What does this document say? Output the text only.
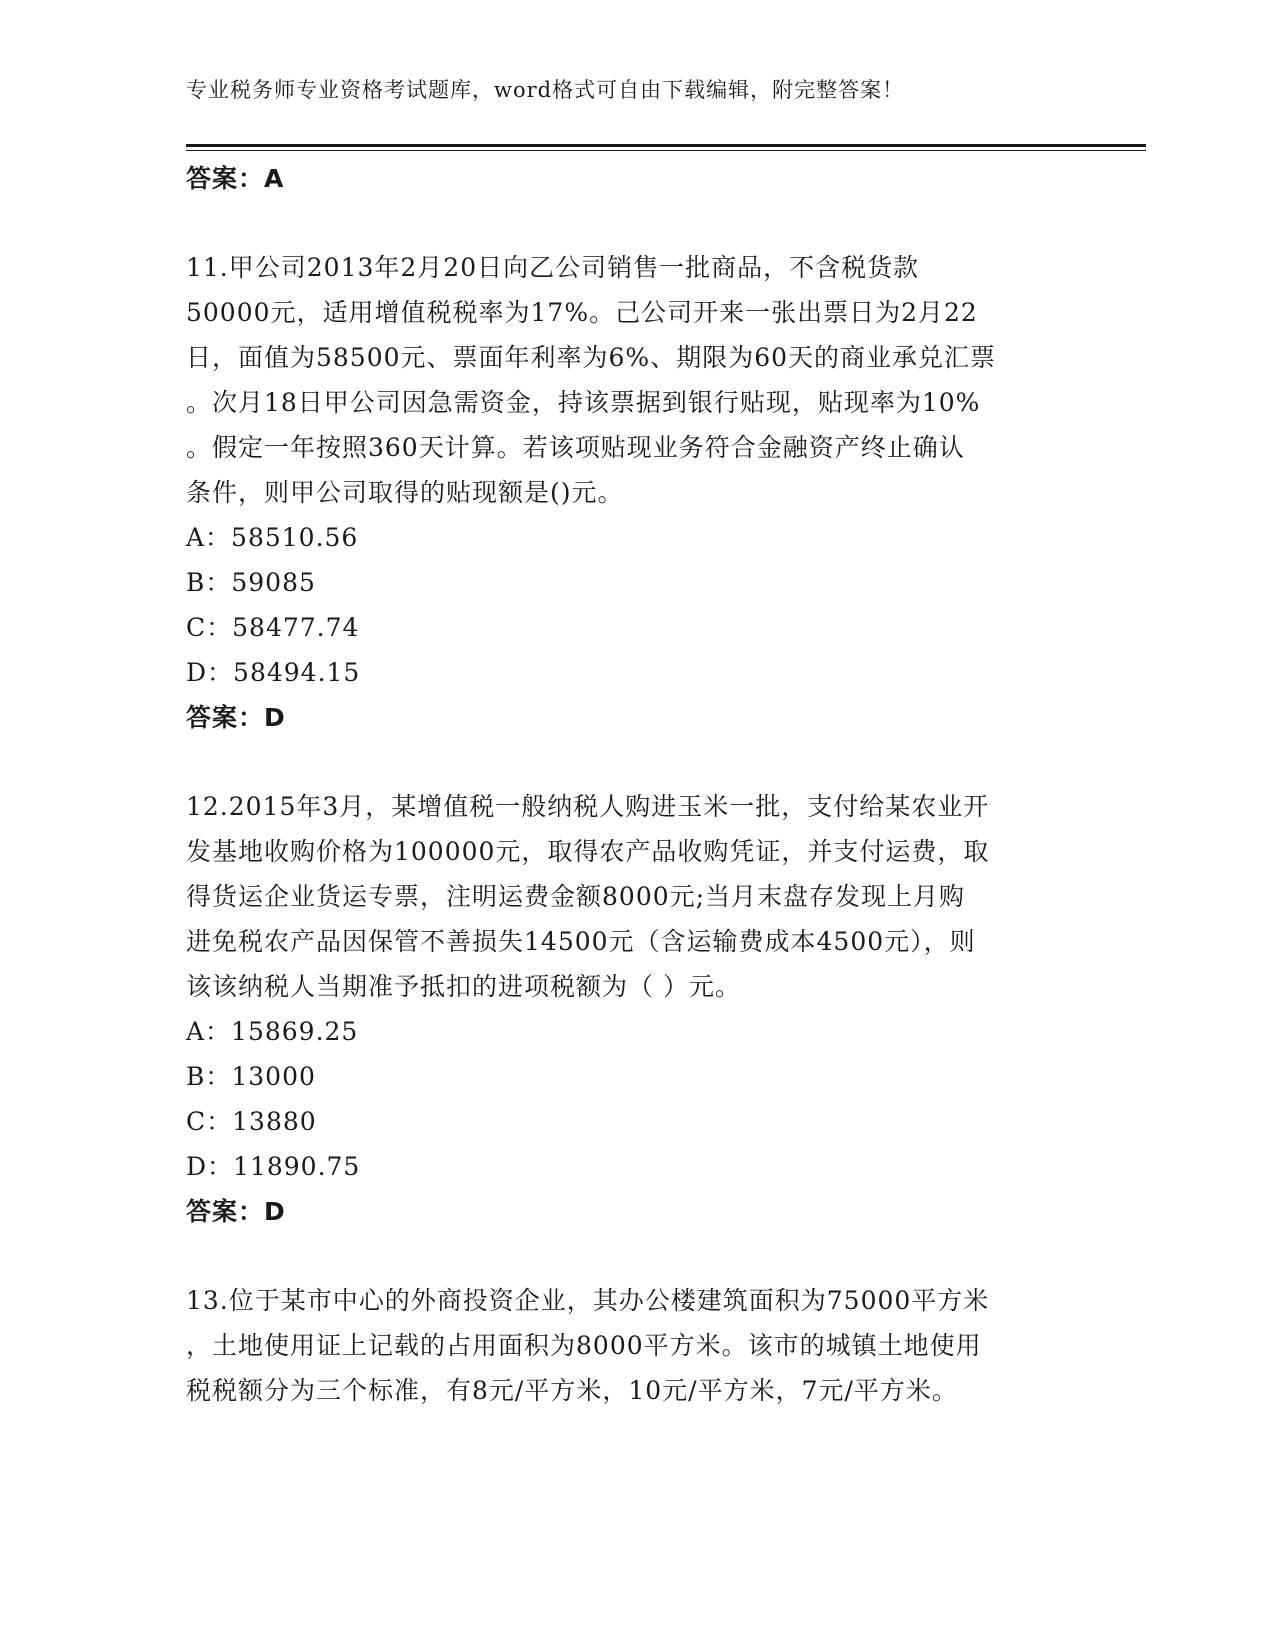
专业税务师专业资格考试题库，word格式可自由下载编辑，附完整答案！
答案：A
11.甲公司2013年2月20日向乙公司销售一批商品，不含税货款
50000元，适用增值税税率为17%。己公司开来一张出票日为2月22
日，面值为58500元、票面年利率为6%、期限为60天的商业承兑汇票
。次月18日甲公司因急需资金，持该票据到银行贴现，贴现率为10%
。假定一年按照360天计算。若该项贴现业务符合金融资产终止确认
条件，则甲公司取得的贴现额是()元。
A：58510.56
B：59085
C：58477.74
D：58494.15
答案：D
12.2015年3月，某增值税一般纳税人购进玉米一批，支付给某农业开
发基地收购价格为100000元，取得农产品收购凭证，并支付运费，取
得货运企业货运专票，注明运费金额8000元;当月末盘存发现上月购
进免税农产品因保管不善损失14500元（含运输费成本4500元），则
该该纳税人当期准予抵扣的进项税额为（ ）元。
A：15869.25
B：13000
C：13880
D：11890.75
答案：D
13.位于某市中心的外商投资企业，其办公楼建筑面积为75000平方米
，土地使用证上记载的占用面积为8000平方米。该市的城镇土地使用
税税额分为三个标准，有8元/平方米，10元/平方米，7元/平方米。
